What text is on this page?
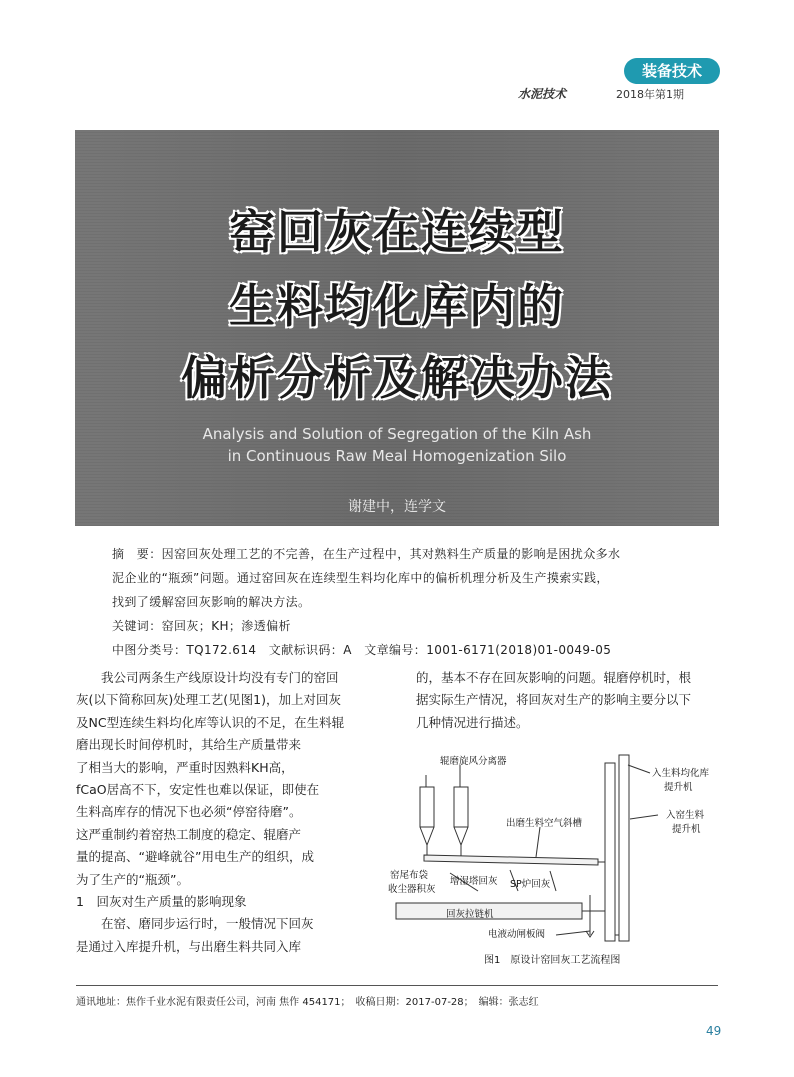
装备技术
水泥技术	2018年第1期
窑回灰在连续型
生料均化库内的
偏析分析及解决办法
Analysis and Solution of Segregation of the Kiln Ash
in Continuous Raw Meal Homogenization Silo
谢建中，连学文
摘　要：因窑回灰处理工艺的不完善，在生产过程中，其对熟料生产质量的影响是困扰众多水
泥企业的“瓶颈”问题。通过窑回灰在连续型生料均化库中的偏析机理分析及生产摸索实践，
找到了缓解窑回灰影响的解决方法。
关键词：窑回灰；KH；渗透偏析
中图分类号：TQ172.614　文献标识码：A　文章编号：1001-6171(2018)01-0049-05
　　我公司两条生产线原设计均没有专门的窑回
灰(以下简称回灰)处理工艺(见图1)，加上对回灰
及NC型连续生料均化库等认识的不足，在生料辊
磨出现长时间停机时，其给生产质量带来
了相当大的影响，严重时因熟料KH高，
fCaO居高不下，安定性也难以保证，即使在
生料高库存的情况下也必须“停窑待磨”。
这严重制约着窑热工制度的稳定、辊磨产
量的提高、“避峰就谷”用电生产的组织，成
为了生产的“瓶颈”。
1　回灰对生产质量的影响现象
　　在窑、磨同步运行时，一般情况下回灰
是通过入库提升机，与出磨生料共同入库
的，基本不存在回灰影响的问题。辊磨停机时，根
据实际生产情况，将回灰对生产的影响主要分以下
几种情况进行描述。
辊磨旋风分离器
入生料均化库
提升机
入窑生料
提升机
出磨生料空气斜槽
窑尾布袋
收尘器积灰
增湿塔回灰 SP炉回灰
回灰拉链机
电液动闸板阀
图1　原设计窑回灰工艺流程图
通讯地址：焦作千业水泥有限责任公司，河南 焦作 454171；　收稿日期：2017-07-28；　编辑：张志红
49
